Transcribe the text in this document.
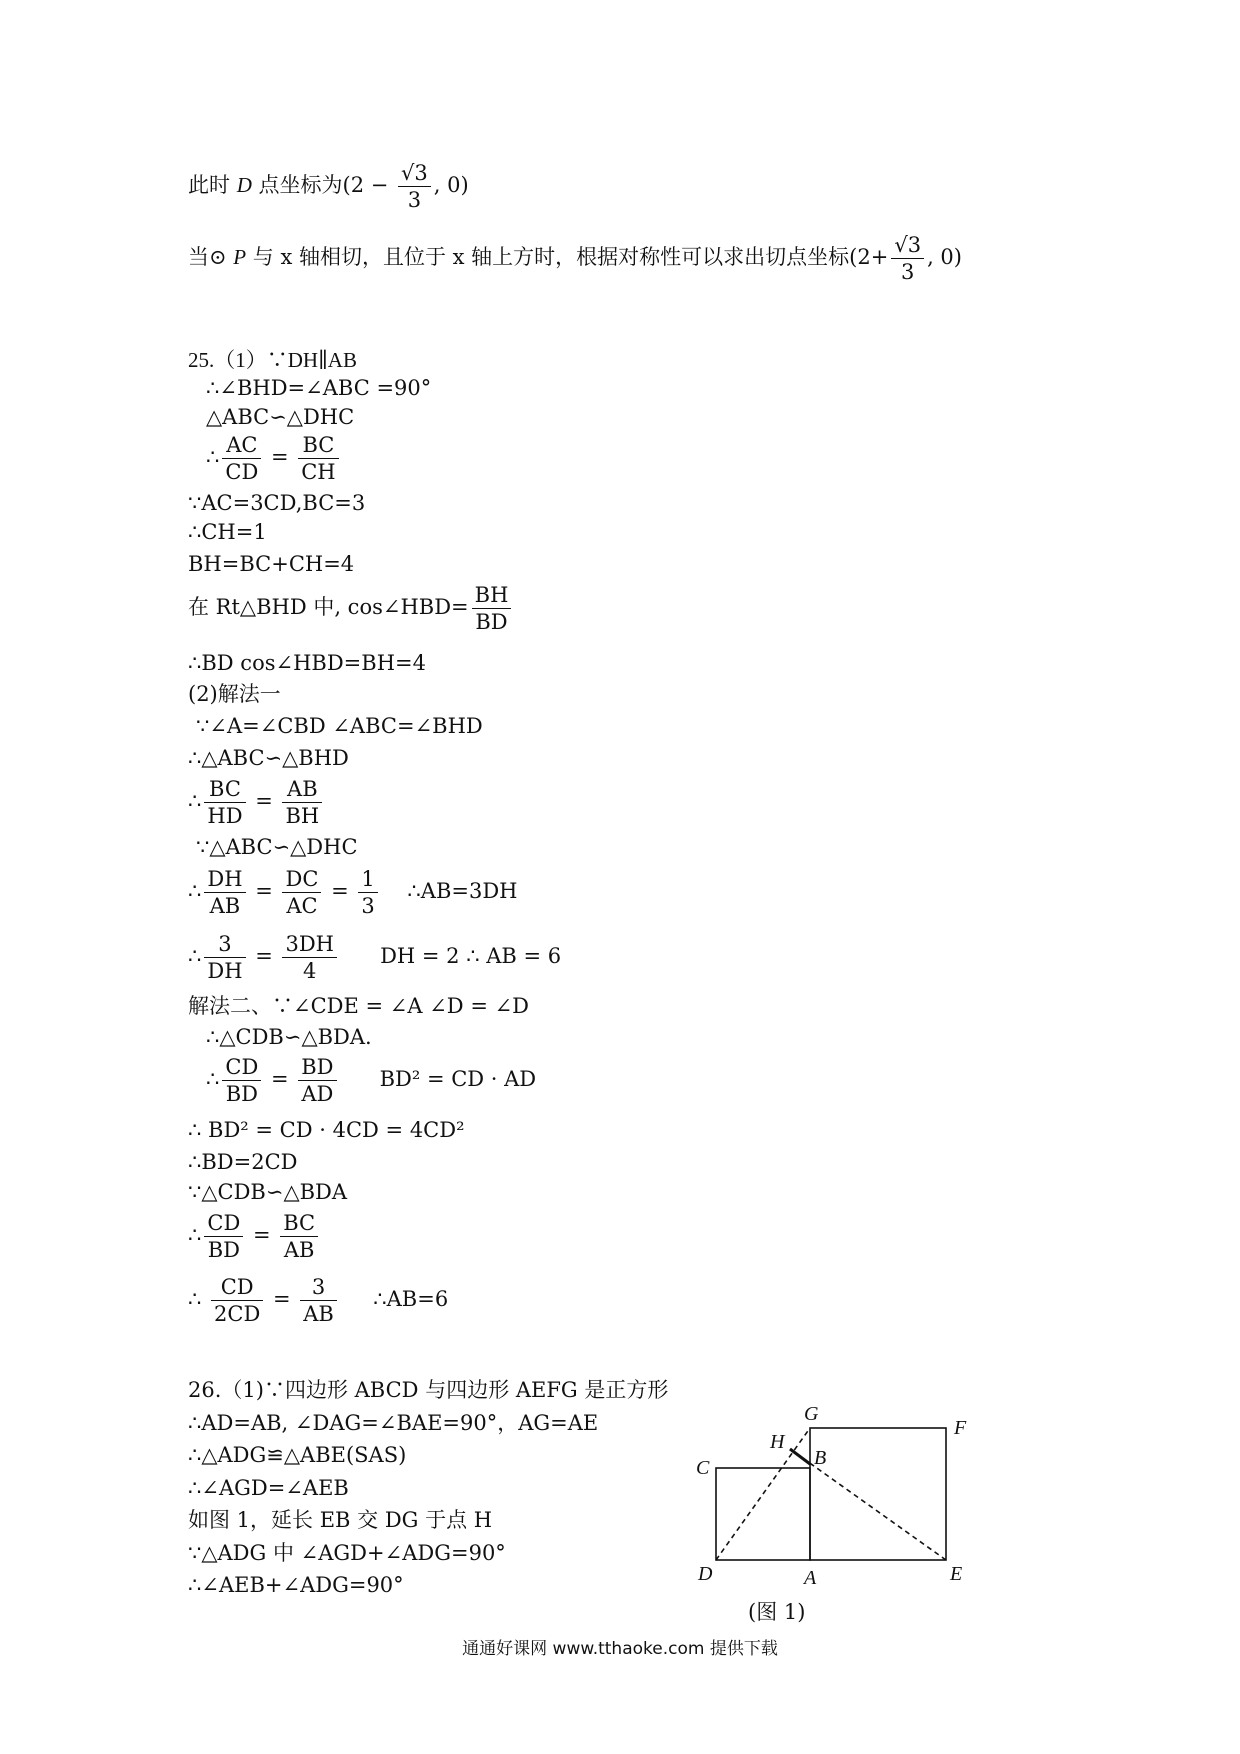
此时 D 点坐标为($2 - \frac{√3}{3}$ , 0)
当⊙ P 与 x 轴相切，且位于 x 轴上方时，根据对称性可以求出切点坐标($2+ \frac{√3}{3}$ , 0)
25.（1）∵DH∥AB
∴∠BHD=∠ABC =90°
△ABC∽△DHC
∴ $\frac{AC}{CD} = \frac{BC}{CH}$
∵AC=3CD,BC=3
∴CH=1
BH=BC+CH=4
在 Rt△BHD 中, cos∠HBD= $\frac{BH}{BD}$
∴BD cos∠HBD=BH=4
(2)解法一
∵∠A=∠CBD ∠ABC=∠BHD
∴△ABC∽△BHD
∴ $\frac{BC}{HD} = \frac{AB}{BH}$
∵△ABC∽△DHC
∴ $\frac{DH}{AB} = \frac{DC}{AC} = \frac{1}{3}$ ∴AB=3DH
∴ $\frac{3}{DH} = \frac{3DH}{4}$ DH = 2 ∴ AB = 6
解法二、∵∠CDE = ∠A ∠D = ∠D
∴△CDB∽△BDA.
∴ $\frac{CD}{BD} = \frac{BD}{AD} BD^2$ = CD · AD
∴ BD² = CD · 4CD = 4CD²
∴BD=2CD
∵△CDB∽△BDA
∴ $\frac{CD}{BD} = \frac{BC}{AB}$
∴ $\frac{CD}{2CD} = \frac{3}{AB}$ ∴AB=6
26.（1)∵四边形 ABCD 与四边形 AEFG 是正方形
∴AD=AB, ∠DAG=∠BAE=90°，AG=AE
∴△ADG≌△ABE(SAS)
∴∠AGD=∠AEB
如图 1，延长 EB 交 DG 于点 H
∵△ADG 中 ∠AGD+∠ADG=90°
∴∠AEB+∠ADG=90°
G
F
H
B
C
D	A	E
(图 1)
通通好课网 www.tthaoke.com 提供下载
